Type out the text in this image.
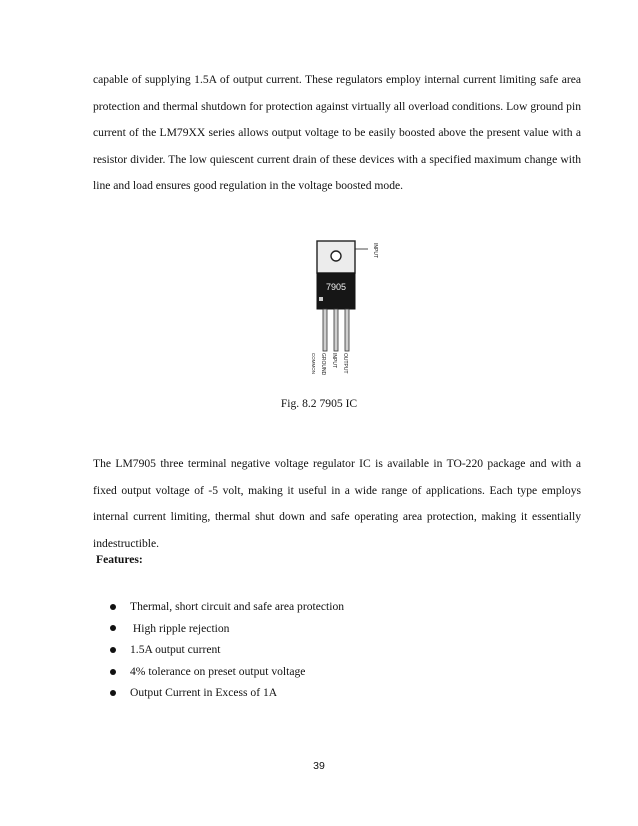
capable of supplying 1.5A of output current. These regulators employ internal current limiting safe area protection and thermal shutdown for protection against virtually all overload conditions. Low ground pin current of the LM79XX series allows output voltage to be easily boosted above the present value with a resistor divider. The low quiescent current drain of these devices with a specified maximum change with line and load ensures good regulation in the voltage boosted mode.

7905
INPUT
COMMON GROUND INPUT OUTPUT
Fig. 8.2 7905 IC

The LM7905 three terminal negative voltage regulator IC is available in TO-220 package and with a fixed output voltage of -5 volt, making it useful in a wide range of applications. Each type employs internal current limiting, thermal shut down and safe operating area protection, making it essentially indestructible.

Features:

Thermal, short circuit and safe area protection
High ripple rejection
1.5A output current
4% tolerance on preset output voltage
Output Current in Excess of 1A
39
